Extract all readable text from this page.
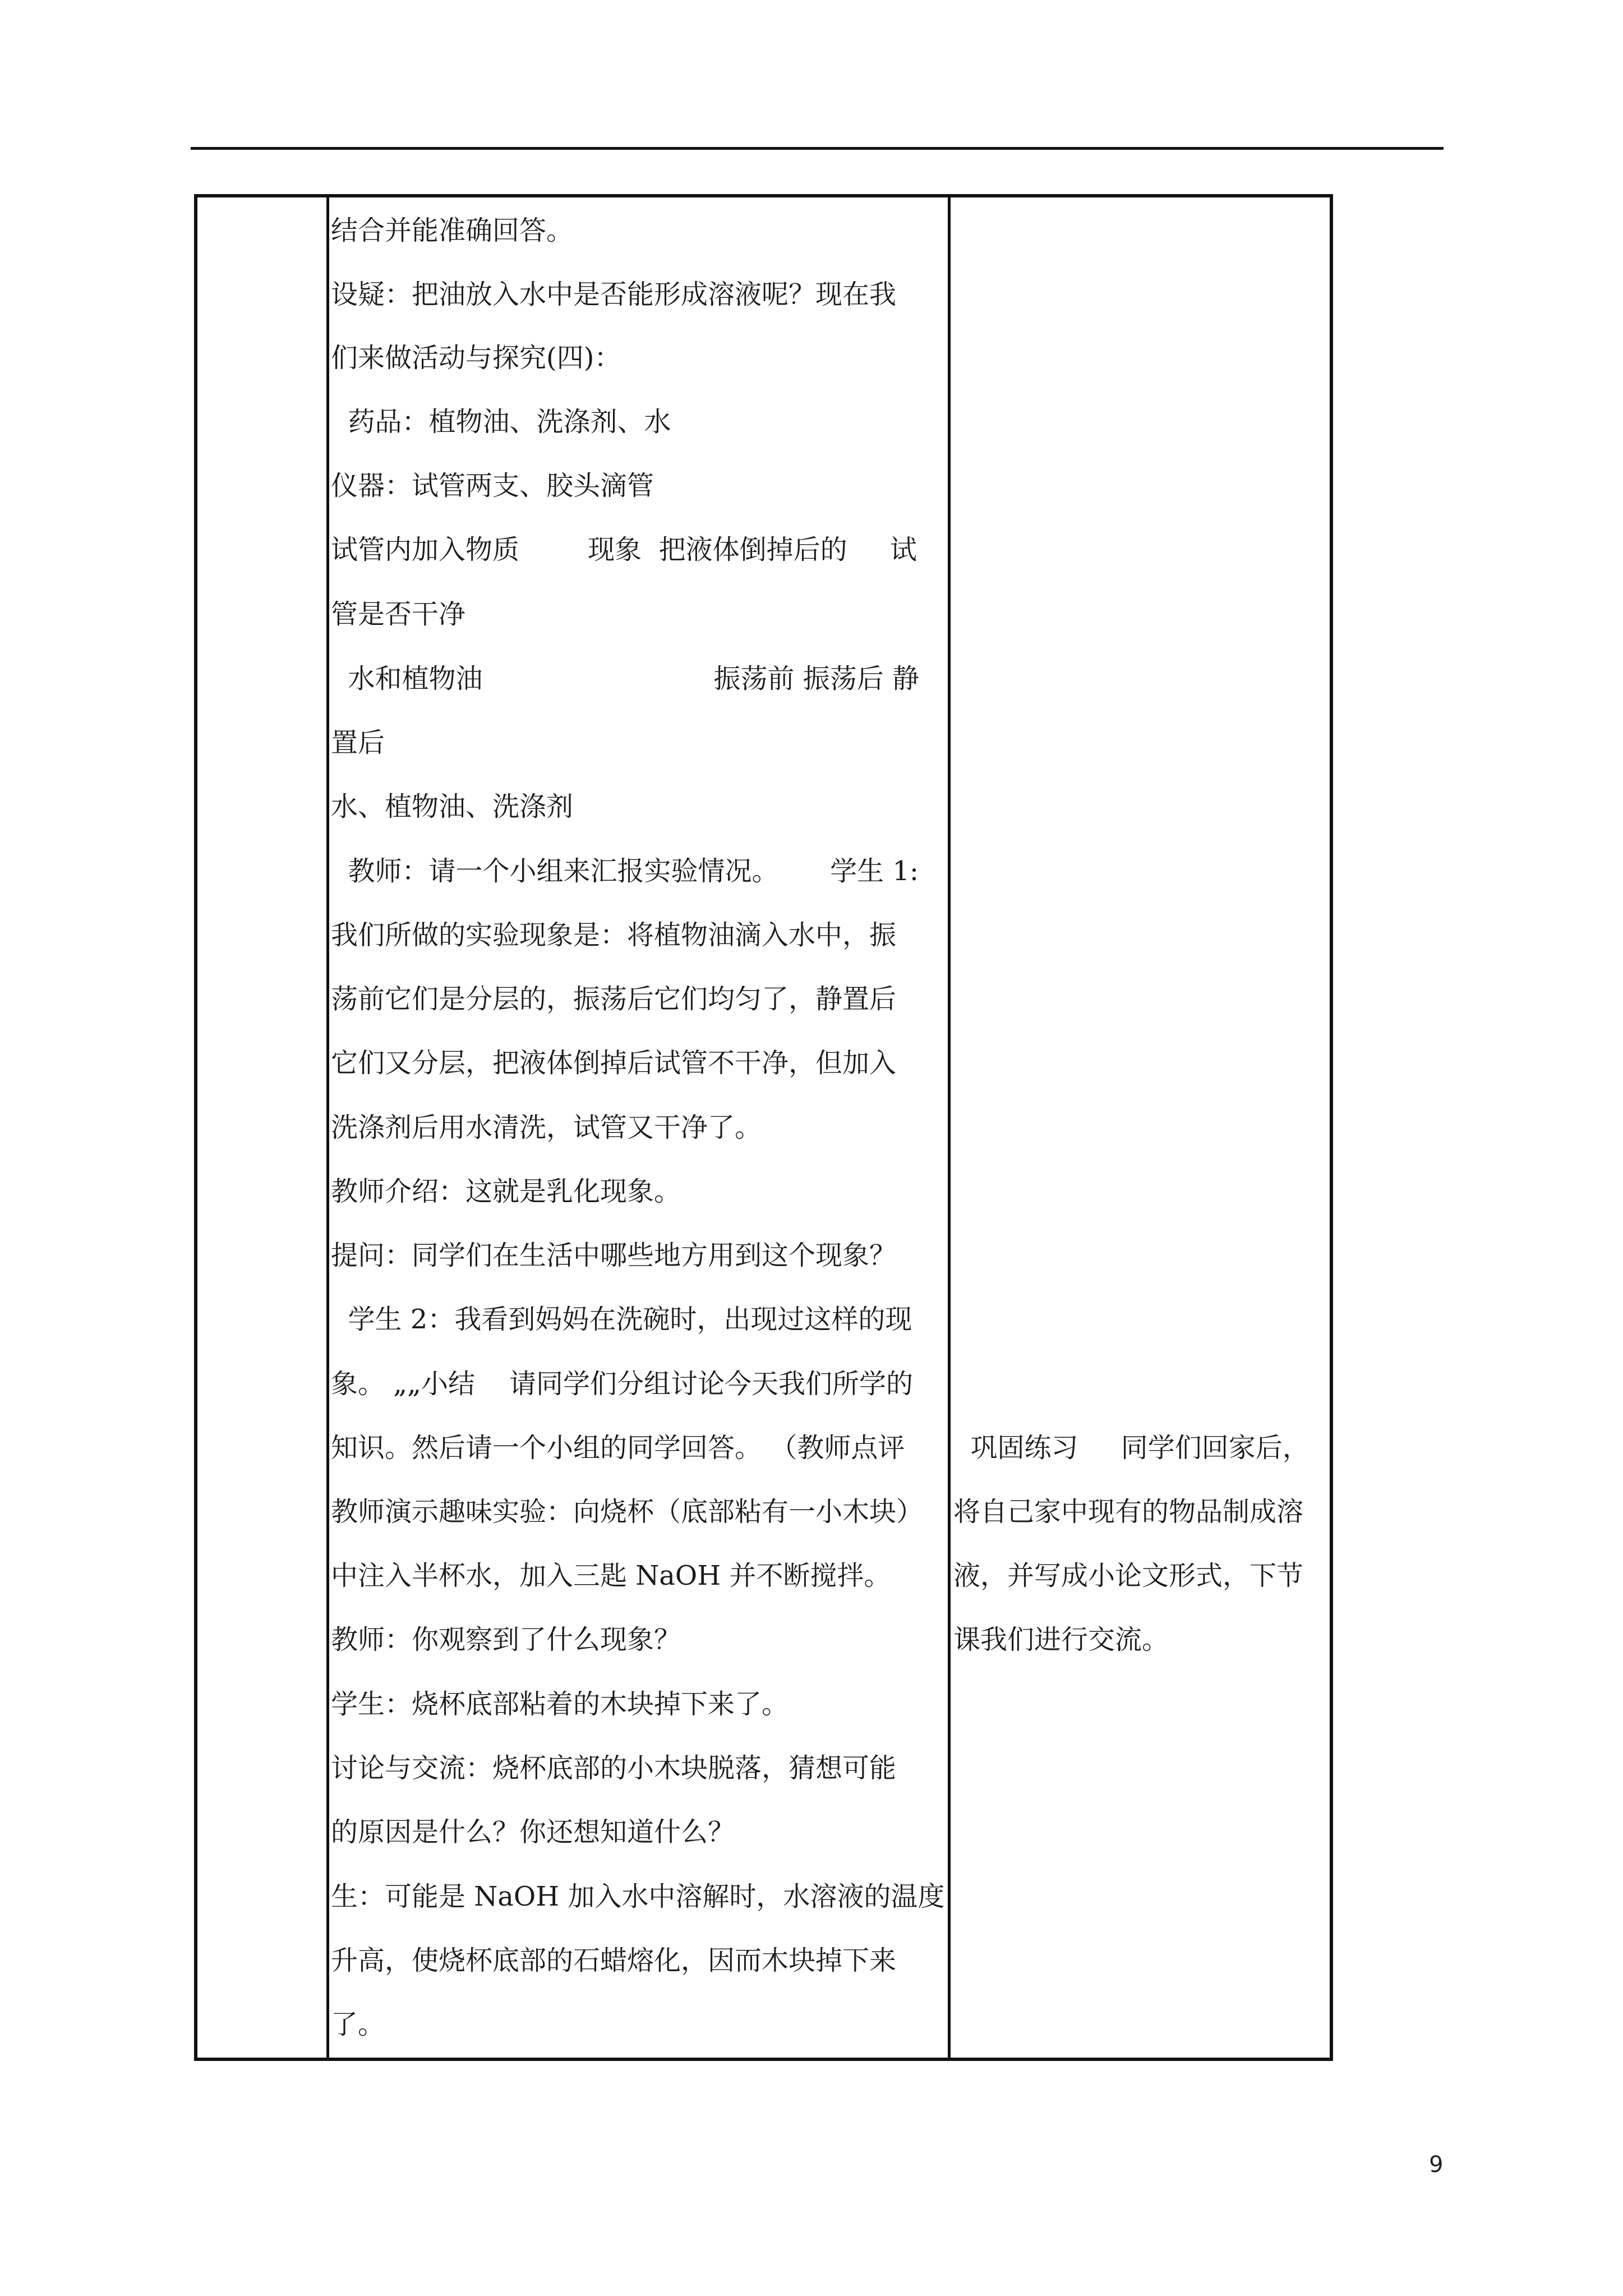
结合并能准确回答。
设疑：把油放入水中是否能形成溶液呢？现在我
们来做活动与探究(四)：
药品：植物油、洗涤剂、水
仪器：试管两支、胶头滴管
试管内加入物质        现象  把液体倒掉后的     试
管是否干净
水和植物油                           振荡前 振荡后 静
置后
水、植物油、洗涤剂
教师：请一个小组来汇报实验情况。      学生 1:
我们所做的实验现象是：将植物油滴入水中，振
荡前它们是分层的，振荡后它们均匀了，静置后
它们又分层，把液体倒掉后试管不干净，但加入
洗涤剂后用水清洗，试管又干净了。
教师介绍：这就是乳化现象。
提问：同学们在生活中哪些地方用到这个现象？
学生 2：我看到妈妈在洗碗时，出现过这样的现
象。 „„小结    请同学们分组讨论今天我们所学的
知识。然后请一个小组的同学回答。 （教师点评
教师演示趣味实验：向烧杯（底部粘有一小木块）
中注入半杯水，加入三匙 NaOH 并不断搅拌。
教师：你观察到了什么现象？
学生：烧杯底部粘着的木块掉下来了。
讨论与交流：烧杯底部的小木块脱落，猜想可能
的原因是什么？你还想知道什么？
生：可能是 NaOH 加入水中溶解时，水溶液的温度
升高，使烧杯底部的石蜡熔化，因而木块掉下来
了。
巩固练习     同学们回家后，
将自己家中现有的物品制成溶
液，并写成小论文形式，下节
课我们进行交流。
9
